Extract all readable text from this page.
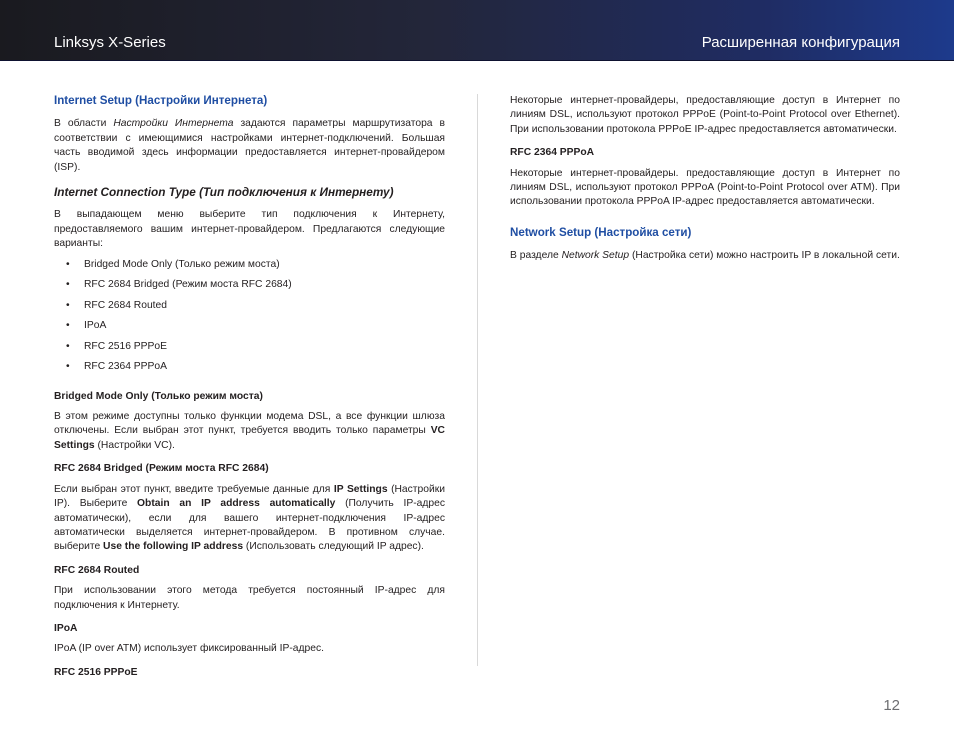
Linksys X-Series	Расширенная конфигурация
Internet Setup (Настройки Интернета)

В области Настройки Интернета задаются параметры маршрутизатора в соответствии с имеющимися настройками интернет-подключений. Большая часть вводимой здесь информации предоставляется интернет-провайдером (ISP).

Internet Connection Type (Тип подключения к Интернету)

В выпадающем меню выберите тип подключения к Интернету, предоставляемого вашим интернет-провайдером. Предлагаются следующие варианты:

• Bridged Mode Only (Только режим моста)
• RFC 2684 Bridged (Режим моста RFC 2684)
• RFC 2684 Routed
• IPoA
• RFC 2516 PPPoE
• RFC 2364 PPPoA
Bridged Mode Only (Только режим моста)

В этом режиме доступны только функции модема DSL, а все функции шлюза отключены. Если выбран этот пункт, требуется вводить только параметры VC Settings (Настройки VC).

RFC 2684 Bridged (Режим моста RFC 2684)

Если выбран этот пункт, введите требуемые данные для IP Settings (Настройки IP). Выберите Obtain an IP address automatically (Получить IP-адрес автоматически), если для вашего интернет-подключения IP-адрес автоматически выделяется интернет-провайдером. В противном случае. выберите Use the following IP address (Использовать следующий IP адрес).

RFC 2684 Routed

При использовании этого метода требуется постоянный IP-адрес для подключения к Интернету.

IPoA

IPoA (IP over ATM) использует фиксированный IP-адрес.

RFC 2516 PPPoE

Некоторые интернет-провайдеры, предоставляющие доступ в Интернет по линиям DSL, используют протокол PPPoE (Point-to-Point Protocol over Ethernet). При использовании протокола PPPoE IP-адрес предоставляется автоматически.

RFC 2364 PPPoA

Некоторые интернет-провайдеры. предоставляющие доступ в Интернет по линиям DSL, используют протокол PPPoA (Point-to-Point Protocol over ATM). При использовании протокола PPPoA IP-адрес предоставляется автоматически.

Network Setup (Настройка сети)

В разделе Network Setup (Настройка сети) можно настроить IP в локальной сети.

12
